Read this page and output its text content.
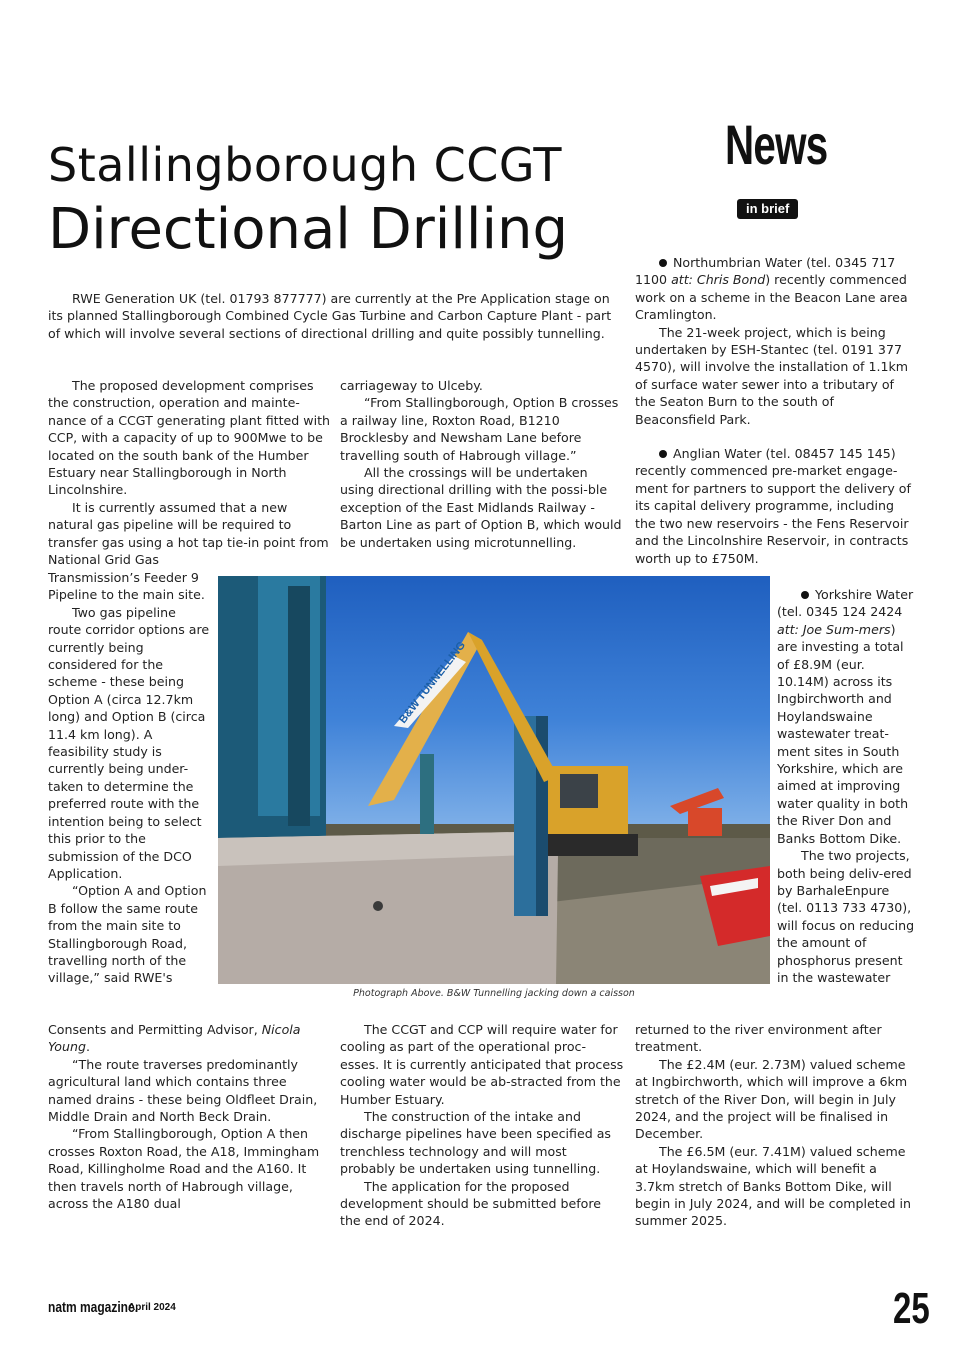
Stallingborough CCGT
Directional Drilling
News
in brief

RWE Generation UK (tel. 01793 877777) are currently at the Pre Application stage on its planned Stallingborough Combined Cycle Gas Turbine and Carbon Capture Plant - part of which will involve several sections of directional drilling and quite possibly tunnelling.

The proposed development comprises the construction, operation and mainte-nance of a CCGT generating plant fitted with CCP, with a capacity of up to 900Mwe to be located on the south bank of the Humber Estuary near Stallingborough in North Lincolnshire.

It is currently assumed that a new natural gas pipeline will be required to transfer gas using a hot tap tie-in point from National Grid Gas

Transmission’s Feeder 9 Pipeline to the main site.

Two gas pipeline route corridor options are currently being considered for the scheme - these being Option A (circa 12.7km long) and Option B (circa 11.4 km long). A feasibility study is currently being under-taken to determine the preferred route with the intention being to select this prior to the submission of the DCO Application.

“Option A and Option B follow the same route from the main site to Stallingborough Road, travelling north of the village,” said RWE's

Consents and Permitting Advisor, Nicola Young.

“The route traverses predominantly agricultural land which contains three named drains - these being Oldfleet Drain, Middle Drain and North Beck Drain.

“From Stallingborough, Option A then crosses Roxton Road, the A18, Immingham Road, Killingholme Road and the A160. It then travels north of Habrough village, across the A180 dual

carriageway to Ulceby.

“From Stallingborough, Option B crosses a railway line, Roxton Road, B1210 Brocklesby and Newsham Lane before travelling south of Habrough village.”

All the crossings will be undertaken using directional drilling with the possi-ble exception of the East Midlands Railway - Barton Line as part of Option B, which would be undertaken using microtunnelling.

The CCGT and CCP will require water for cooling as part of the operational proc-esses. It is currently anticipated that process cooling water would be ab-stracted from the Humber Estuary.

The construction of the intake and discharge pipelines have been specified as trenchless technology and will most probably be undertaken using tunnelling.

The application for the proposed development should be submitted before the end of 2024.

Northumbrian Water (tel. 0345 717 1100 att: Chris Bond) recently commenced work on a scheme in the Beacon Lane area Cramlington.

The 21-week project, which is being undertaken by ESH-Stantec (tel. 0191 377 4570), will involve the installation of 1.1km of surface water sewer into a tributary of the Seaton Burn to the south of Beaconsfield Park.

Anglian Water (tel. 08457 145 145) recently commenced pre-market engage-ment for partners to support the delivery of its capital delivery programme, including the two new reservoirs - the Fens Reservoir and the Lincolnshire Reservoir, in contracts worth up to £750M.

Yorkshire Water (tel. 0345 124 2424 att: Joe Sum-mers) are investing a total of £8.9M (eur. 10.14M) across its Ingbirchworth and Hoylandswaine wastewater treat-ment sites in South Yorkshire, which are aimed at improving water quality in both the River Don and Banks Bottom Dike.

The two projects, both being deliv-ered by BarhaleEnpure (tel. 0113 733 4730), will focus on reducing the amount of phosphorus present in the wastewater

returned to the river environment after treatment.

The £2.4M (eur. 2.73M) valued scheme at Ingbirchworth, which will improve a 6km stretch of the River Don, will begin in July 2024, and the project will be finalised in December.

The £6.5M (eur. 7.41M) valued scheme at Hoylandswaine, which will benefit a 3.7km stretch of Banks Bottom Dike, will begin in July 2024, and will be completed in summer 2025.

B&W TUNNELLING
Photograph Above. B&W Tunnelling jacking down a caisson
natm magazine.
April 2024	25
